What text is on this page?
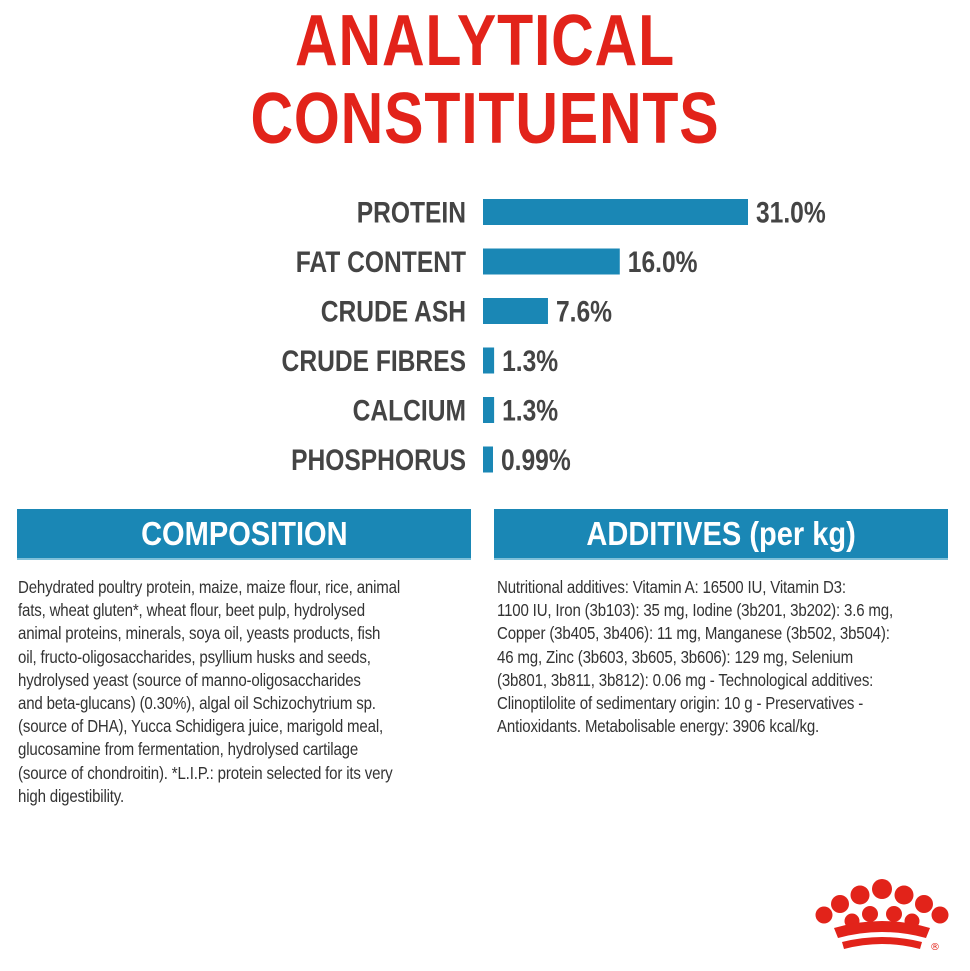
ANALYTICAL
CONSTITUENTS
PROTEIN	31.0%
FAT CONTENT	16.0%
CRUDE ASH	7.6%
CRUDE FIBRES 1.3%
CALCIUM 1.3%
PHOSPHORUS 0.99%
COMPOSITION	ADDITIVES (per kg)
Dehydrated poultry protein, maize, maize flour, rice, animal
fats, wheat gluten*, wheat flour, beet pulp, hydrolysed
animal proteins, minerals, soya oil, yeasts products, fish
oil, fructo-oligosaccharides, psyllium husks and seeds,
hydrolysed yeast (source of manno-oligosaccharides
and beta-glucans) (0.30%), algal oil Schizochytrium sp.
(source of DHA), Yucca Schidigera juice, marigold meal,
glucosamine from fermentation, hydrolysed cartilage
(source of chondroitin). *L.I.P.: protein selected for its very
high digestibility.
Nutritional additives: Vitamin A: 16500 IU, Vitamin D3:
1100 IU, Iron (3b103): 35 mg, Iodine (3b201, 3b202): 3.6 mg,
Copper (3b405, 3b406): 11 mg, Manganese (3b502, 3b504):
46 mg, Zinc (3b603, 3b605, 3b606): 129 mg, Selenium
(3b801, 3b811, 3b812): 0.06 mg - Technological additives:
Clinoptilolite of sedimentary origin: 10 g - Preservatives -
Antioxidants. Metabolisable energy: 3906 kcal/kg.
®
